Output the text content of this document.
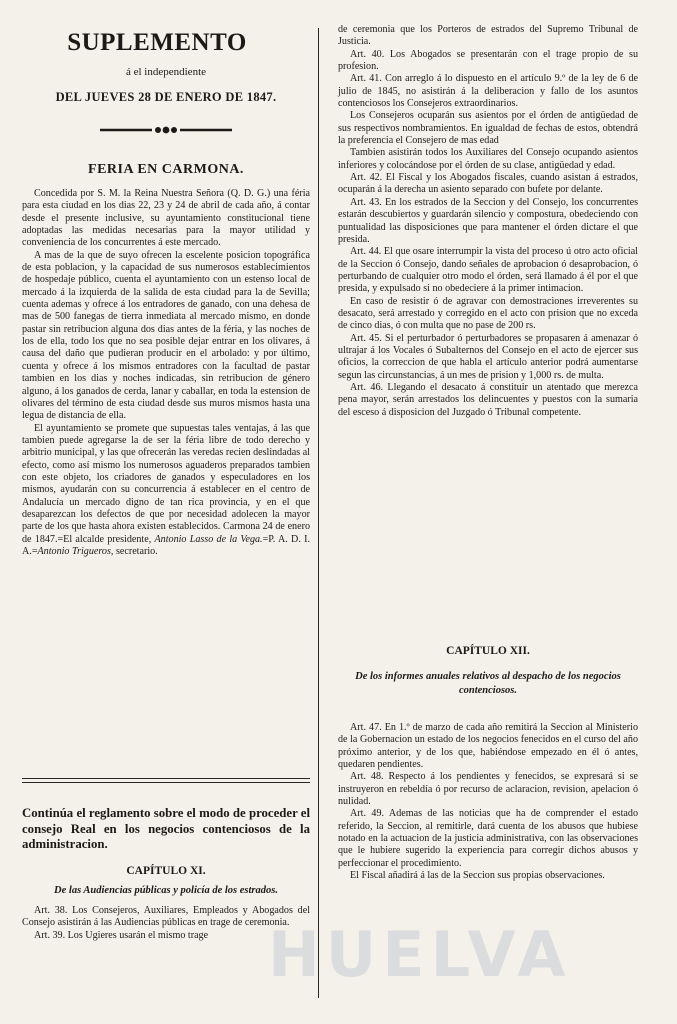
SUPLEMENTO
á el independiente
DEL JUEVES 28 DE ENERO DE 1847.
FERIA EN CARMONA.

Concedida por S. M. la Reina Nuestra Señora (Q. D. G.) una féria para esta ciudad en los dias 22, 23 y 24 de abril de cada año, á contar desde el presente inclusive, su ayuntamiento constitucional tiene adoptadas las medidas necesarias para la mayor utilidad y conveniencia de los concurrentes á este mercado.

A mas de la que de suyo ofrecen la escelente posicion topográfica de esta poblacion, y la capacidad de sus numerosos establecimientos de hospedaje público, cuenta el ayuntamiento con un estenso local de mercado á la izquierda de la salida de esta ciudad para la de Sevilla; cuenta ademas y ofrece á los entradores de ganado, con una dehesa de mas de 500 fanegas de tierra inmediata al mercado mismo, en donde pastar sin retribucion alguna dos dias antes de la féria, y las noches de los de ella, todo los que no sea posible dejar entrar en los olivares, á causa del daño que pudieran producir en el arbolado: y por último, cuenta y ofrece á los mismos entradores con la facultad de pastar tambien en los dias y noches indicadas, sin retribucion de género alguno, á los ganados de cerda, lanar y caballar, en toda la estension de olivares del término de esta ciudad desde sus muros mismos hasta una legua de distancia de ella.

El ayuntamiento se promete que supuestas tales ventajas, á las que tambien puede agregarse la de ser la féria libre de todo derecho y arbitrio municipal, y las que ofrecerán las veredas recien deslindadas al efecto, como así mismo los numerosos aguaderos preparados tambien con este objeto, los criadores de ganados y especuladores en los mismos, ayudarán con su concurrencia á establecer en el centro de Andalucía un mercado digno de tan rica provincia, y en el que desaparezcan los defectos de que por necesidad adolecen la mayor parte de los que hasta ahora existen establecidos. Carmona 24 de enero de 1847.=El alcalde presidente, Antonio Lasso de la Vega.=P. A. D. I. A.=Antonio Trigueros, secretario.

Continúa el reglamento sobre el modo de proceder el consejo Real en los negocios contenciosos de la administracion.

CAPÍTULO XI.
De las Audiencias públicas y policía de los estrados.

Art. 38. Los Consejeros, Auxiliares, Empleados y Abogados del Consejo asistirán á las Audiencias públicas en trage de ceremonia.

Art. 39. Los Ugieres usarán el mismo trage

de ceremonia que los Porteros de estrados del Supremo Tribunal de Justicia.

Art. 40. Los Abogados se presentarán con el trage propio de su profesion.

Art. 41. Con arreglo á lo dispuesto en el artículo 9.º de la ley de 6 de julio de 1845, no asistirán á la deliberacion y fallo de los asuntos contenciosos los Consejeros extraordinarios.

Los Consejeros ocuparán sus asientos por el órden de antigüedad de sus respectivos nombramientos. En igualdad de fechas de estos, obtendrá la preferencia el Consejero de mas edad

Tambien asistirán todos los Auxiliares del Consejo ocupando asientos inferiores y colocándose por el órden de su clase, antigüedad y edad.

Art. 42. El Fiscal y los Abogados fiscales, cuando asistan á estrados, ocuparán á la derecha un asiento separado con bufete por delante.

Art. 43. En los estrados de la Seccion y del Consejo, los concurrentes estarán descubiertos y guardarán silencio y compostura, obedeciendo con puntualidad las disposiciones que para mantener el órden dictare el que presida.

Art. 44. El que osare interrumpir la vista del proceso ú otro acto oficial de la Seccion ó Consejo, dando señales de aprobacion ó desaprobacion, ó perturbando de cualquier otro modo el órden, será llamado á él por el que presida, y expulsado si no obedeciere á la primer intimacion.

En caso de resistir ó de agravar con demostraciones irreverentes su desacato, será arrestado y corregido en el acto con prision que no exceda de cinco dias, ó con multa que no pase de 200 rs.

Art. 45. Si el perturbador ó perturbadores se propasaren á amenazar ó ultrajar á los Vocales ó Subalternos del Consejo en el acto de ejercer sus oficios, la correccion de que habla el artículo anterior podrá aumentarse segun las circunstancias, á un mes de prision y 1,000 rs. de multa.

Art. 46. Llegando el desacato á constituir un atentado que merezca pena mayor, serán arrestados los delincuentes y puestos con la sumaria del esceso á disposicion del Juzgado ó Tribunal competente.

CAPÍTULO XII.
De los informes anuales relativos al despacho de los negocios contenciosos.

Art. 47. En 1.º de marzo de cada año remitirá la Seccion al Ministerio de la Gobernacion un estado de los negocios fenecidos en el curso del año próximo anterior, y de los que, habiéndose empezado en él ó antes, quedaren pendientes.

Art. 48. Respecto á los pendientes y fenecidos, se expresará si se instruyeron en rebeldía ó por recurso de aclaracion, revision, apelacion ó nulidad.

Art. 49. Ademas de las noticias que ha de comprender el estado referido, la Seccion, al remitirle, dará cuenta de los abusos que hubiese notado en la actuacion de la justicia administrativa, con las observaciones que le hubiere sugerido la experiencia para corregir dichos abusos y perfeccionar el procedimiento.

El Fiscal añadirá á las de la Seccion sus propias observaciones.

HUELVA
